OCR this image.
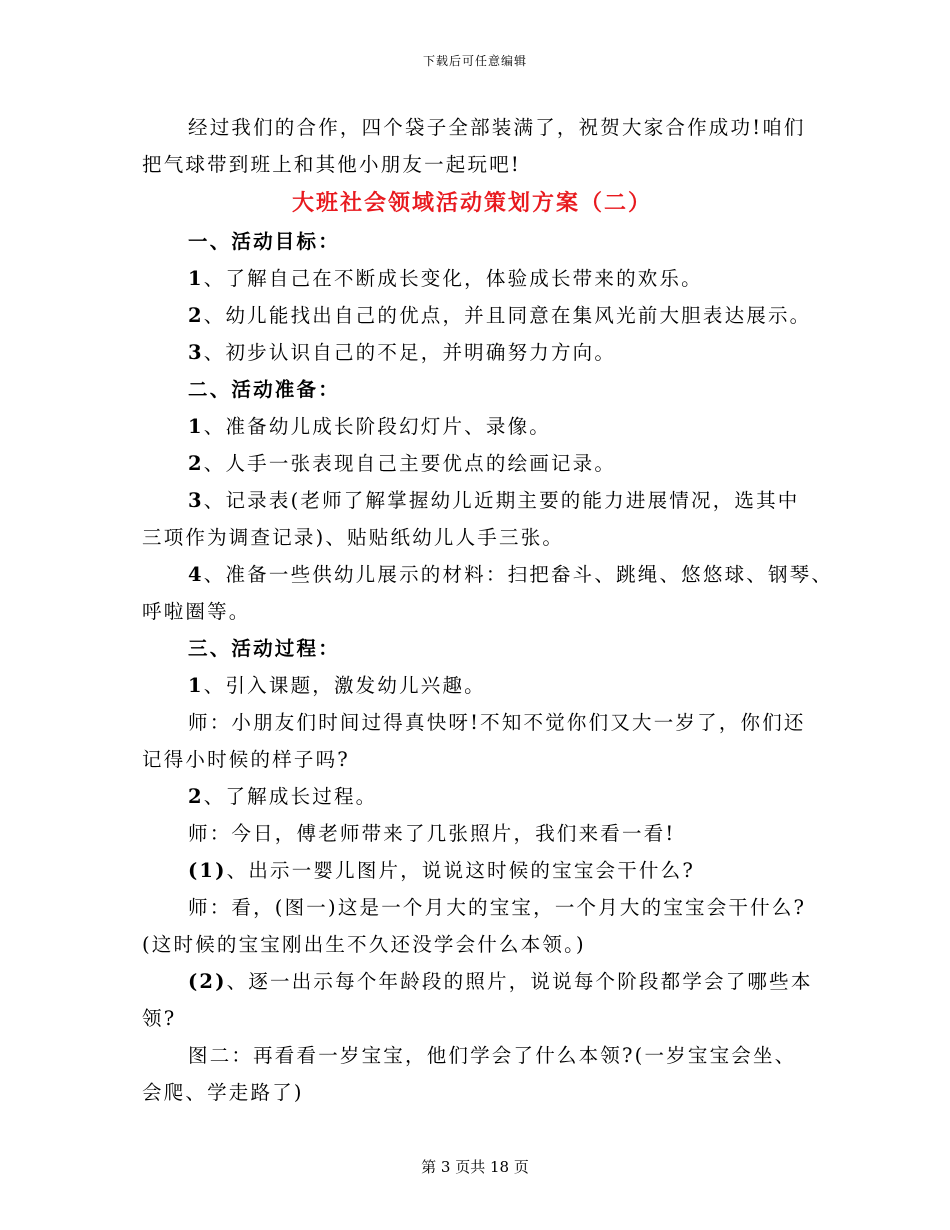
下载后可任意编辑

经过我们的合作，四个袋子全部装满了，祝贺大家合作成功!咱们

把气球带到班上和其他小朋友一起玩吧!

大班社会领域活动策划方案（二）

一、活动目标：

1、了解自己在不断成长变化，体验成长带来的欢乐。

2、幼儿能找出自己的优点，并且同意在集风光前大胆表达展示。

3、初步认识自己的不足，并明确努力方向。

二、活动准备：

1、准备幼儿成长阶段幻灯片、录像。

2、人手一张表现自己主要优点的绘画记录。

3、记录表(老师了解掌握幼儿近期主要的能力进展情况，选其中

三项作为调查记录)、贴贴纸幼儿人手三张。

4、准备一些供幼儿展示的材料：扫把畚斗、跳绳、悠悠球、钢琴、

呼啦圈等。

三、活动过程：

1、引入课题，激发幼儿兴趣。

师：小朋友们时间过得真快呀!不知不觉你们又大一岁了，你们还

记得小时候的样子吗?

2、了解成长过程。

师：今日，傅老师带来了几张照片，我们来看一看!

(1)、出示一婴儿图片，说说这时候的宝宝会干什么?

师：看，(图一)这是一个月大的宝宝，一个月大的宝宝会干什么?

(这时候的宝宝刚出生不久还没学会什么本领。)

(2)、逐一出示每个年龄段的照片，说说每个阶段都学会了哪些本

领?

图二：再看看一岁宝宝，他们学会了什么本领?(一岁宝宝会坐、

会爬、学走路了)

第 3 页共 18 页
